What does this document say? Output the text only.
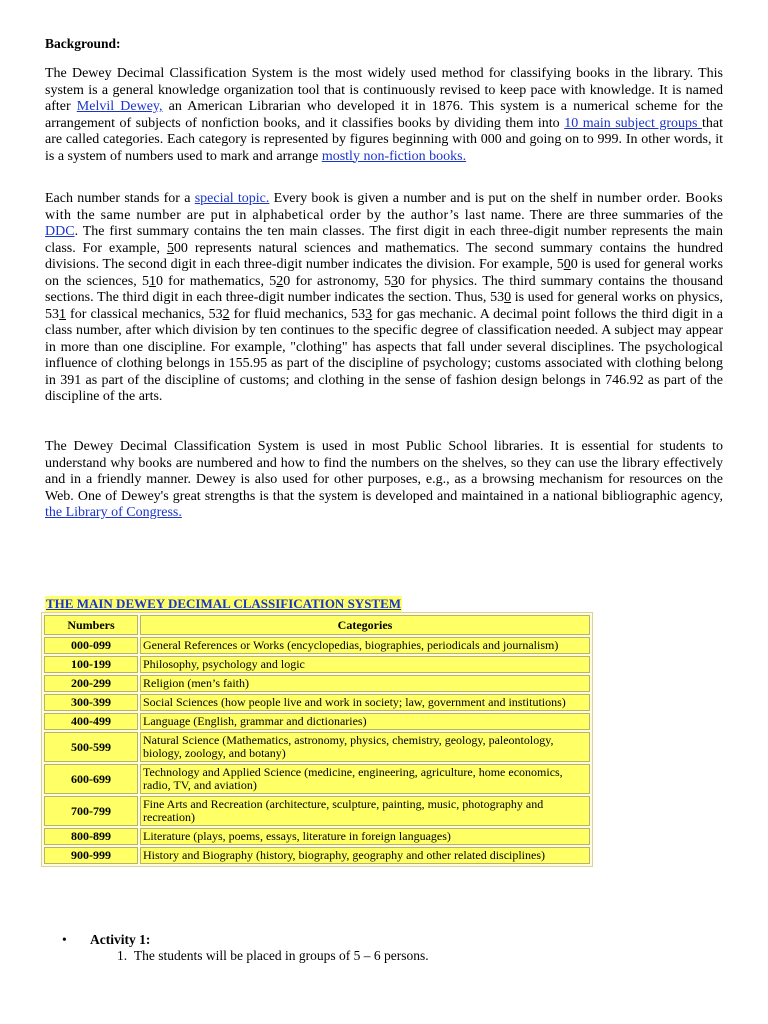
Background:
The Dewey Decimal Classification System is the most widely used method for classifying books in the library. This system is a general knowledge organization tool that is continuously revised to keep pace with knowledge. It is named after Melvil Dewey, an American Librarian who developed it in 1876. This system is a numerical scheme for the arrangement of subjects of nonfiction books, and it classifies books by dividing them into 10 main subject groups that are called categories. Each category is represented by figures beginning with 000 and going on to 999. In other words, it is a system of numbers used to mark and arrange mostly non-fiction books.
Each number stands for a special topic. Every book is given a number and is put on the shelf in number order. Books with the same number are put in alphabetical order by the author’s last name. There are three summaries of the DDC. The first summary contains the ten main classes. The first digit in each three-digit number represents the main class. For example, 500 represents natural sciences and mathematics. The second summary contains the hundred divisions. The second digit in each three-digit number indicates the division. For example, 500 is used for general works on the sciences, 510 for mathematics, 520 for astronomy, 530 for physics. The third summary contains the thousand sections. The third digit in each three-digit number indicates the section. Thus, 530 is used for general works on physics, 531 for classical mechanics, 532 for fluid mechanics, 533 for gas mechanic. A decimal point follows the third digit in a class number, after which division by ten continues to the specific degree of classification needed. A subject may appear in more than one discipline. For example, "clothing" has aspects that fall under several disciplines. The psychological influence of clothing belongs in 155.95 as part of the discipline of psychology; customs associated with clothing belong in 391 as part of the discipline of customs; and clothing in the sense of fashion design belongs in 746.92 as part of the discipline of the arts.
The Dewey Decimal Classification System is used in most Public School libraries. It is essential for students to understand why books are numbered and how to find the numbers on the shelves, so they can use the library effectively and in a friendly manner. Dewey is also used for other purposes, e.g., as a browsing mechanism for resources on the Web. One of Dewey's great strengths is that the system is developed and maintained in a national bibliographic agency, the Library of Congress.
THE MAIN DEWEY DECIMAL CLASSIFICATION SYSTEM
Numbers	Categories
000-099	General References or Works (encyclopedias, biographies, periodicals and journalism)
100-199	Philosophy, psychology and logic
200-299	Religion (men’s faith)
300-399	Social Sciences (how people live and work in society; law, government and institutions)
400-499	Language (English, grammar and dictionaries)
500-599	Natural Science (Mathematics, astronomy, physics, chemistry, geology, paleontology, biology, zoology, and botany)
600-699	Technology and Applied Science (medicine, engineering, agriculture, home economics, radio, TV, and aviation)
700-799	Fine Arts and Recreation (architecture, sculpture, painting, music, photography and recreation)
800-899	Literature (plays, poems, essays, literature in foreign languages)
900-999	History and Biography (history, biography, geography and other related disciplines)
• Activity 1:
1. The students will be placed in groups of 5 – 6 persons.
